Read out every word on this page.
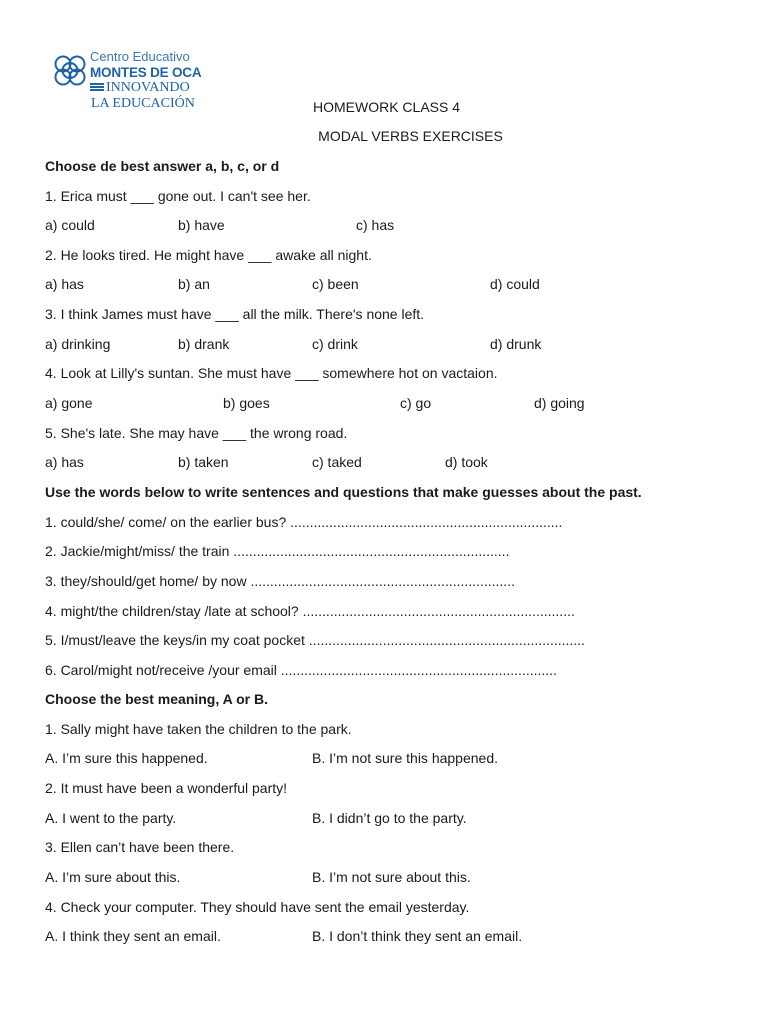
Centro Educativo
MONTES DE OCA
INNOVANDO
LA EDUCACIÓN	HOMEWORK CLASS 4
MODAL VERBS EXERCISES
Choose de best answer a, b, c, or d
1. Erica must ___ gone out. I can't see her.
a) could	b) have	c) has
2. He looks tired. He might have ___ awake all night.
a) has	b) an	c) been	d) could
3. I think James must have ___ all the milk. There's none left.
a) drinking	b) drank	c) drink	d) drunk
4. Look at Lilly's suntan. She must have ___ somewhere hot on vactaion.
a) gone	b) goes	c) go	d) going
5. She's late. She may have ___ the wrong road.
a) has	b) taken	c) taked	d) took
Use the words below to write sentences and questions that make guesses about the past.
1. could/she/ come/ on the earlier bus? ......................................................................
2. Jackie/might/miss/ the train .......................................................................
3. they/should/get home/ by now ....................................................................
4. might/the children/stay /late at school? ......................................................................
5. I/must/leave the keys/in my coat pocket .......................................................................
6. Carol/might not/receive /your email .......................................................................
Choose the best meaning, A or B.
1. Sally might have taken the children to the park.
A. I’m sure this happened.	B. I’m not sure this happened.
2. It must have been a wonderful party!
A. I went to the party.	B. I didn’t go to the party.
3. Ellen can’t have been there.
A. I’m sure about this.	B. I’m not sure about this.
4. Check your computer. They should have sent the email yesterday.
A. I think they sent an email.	B. I don’t think they sent an email.
